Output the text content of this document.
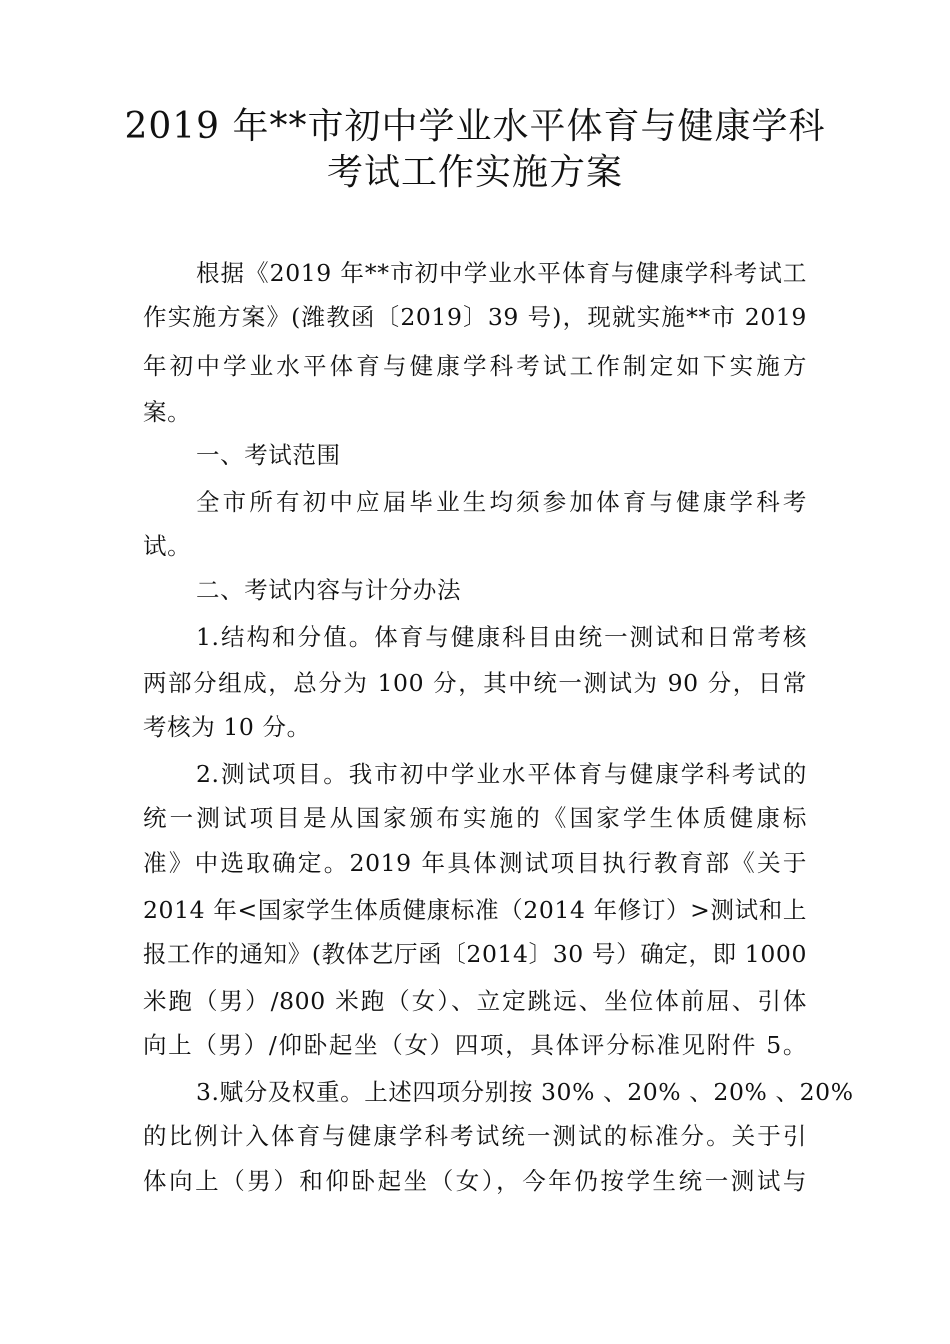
2019 年**市初中学业水平体育与健康学科
考试工作实施方案
根据《2019 年**市初中学业水平体育与健康学科考试工
作实施方案》(潍教函〔2019〕39 号)，现就实施**市 2019
年初中学业水平体育与健康学科考试工作制定如下实施方
案。
一、考试范围
全市所有初中应届毕业生均须参加体育与健康学科考
试。
二、考试内容与计分办法
1.结构和分值。体育与健康科目由统一测试和日常考核
两部分组成，总分为 100 分，其中统一测试为 90 分，日常
考核为 10 分。
2.测试项目。我市初中学业水平体育与健康学科考试的
统一测试项目是从国家颁布实施的《国家学生体质健康标
准》中选取确定。2019 年具体测试项目执行教育部《关于
2014 年<国家学生体质健康标准（2014 年修订）>测试和上
报工作的通知》(教体艺厅函〔2014〕30 号）确定，即 1000
米跑（男）/800 米跑（女）、立定跳远、坐位体前屈、引体
向上（男）/仰卧起坐（女）四项，具体评分标准见附件 5。
3.赋分及权重。上述四项分别按 30% 、20% 、20% 、20%
的比例计入体育与健康学科考试统一测试的标准分。关于引
体向上（男）和仰卧起坐（女），今年仍按学生统一测试与
